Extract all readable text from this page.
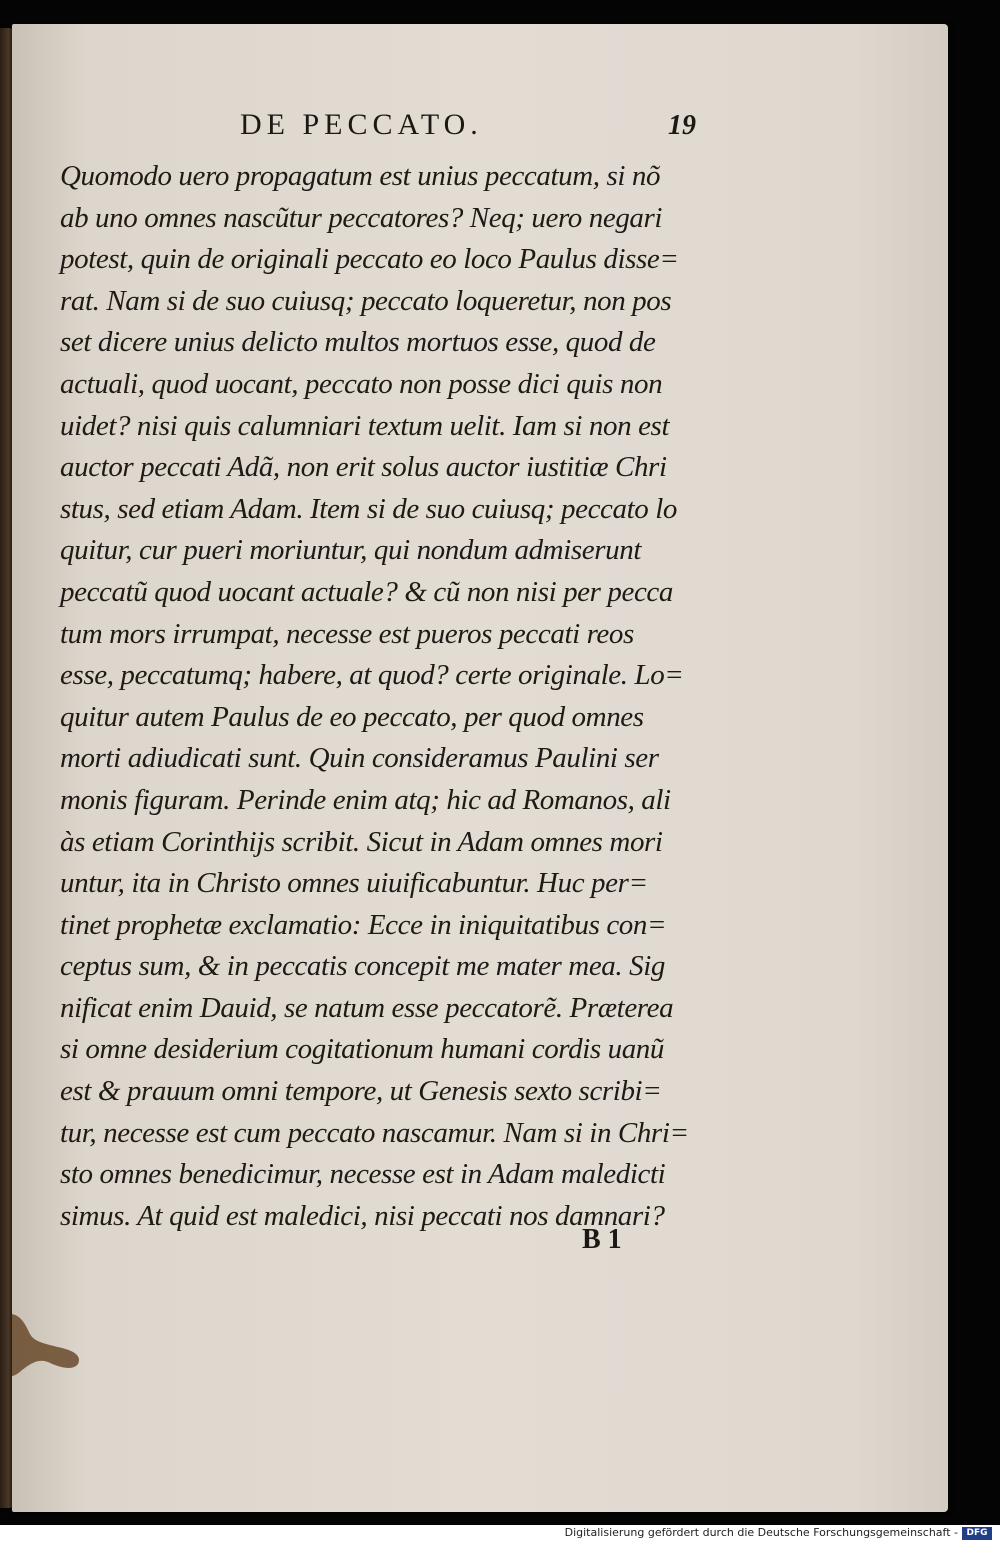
DE PECCATO.	19
Quomodo uero propagatum est unius peccatum, si nõ
ab uno omnes nascũtur peccatores? Neq; uero negari
potest, quin de originali peccato eo loco Paulus disse=
rat. Nam si de suo cuiusq; peccato loqueretur, non pos
set dicere unius delicto multos mortuos esse, quod de
actuali, quod uocant, peccato non posse dici quis non
uidet? nisi quis calumniari textum uelit. Iam si non est
auctor peccati Adã, non erit solus auctor iustitiæ Chri
stus, sed etiam Adam. Item si de suo cuiusq; peccato lo
quitur, cur pueri moriuntur, qui nondum admiserunt
peccatũ quod uocant actuale? & cũ non nisi per pecca
tum mors irrumpat, necesse est pueros peccati reos
esse, peccatumq; habere, at quod? certe originale. Lo=
quitur autem Paulus de eo peccato, per quod omnes
morti adiudicati sunt. Quin consideramus Paulini ser
monis figuram. Perinde enim atq; hic ad Romanos, ali
às etiam Corinthijs scribit. Sicut in Adam omnes mori
untur, ita in Christo omnes uiuificabuntur. Huc per=
tinet prophetæ exclamatio: Ecce in iniquitatibus con=
ceptus sum, & in peccatis concepit me mater mea. Sig
nificat enim Dauid, se natum esse peccatorẽ. Præterea
si omne desiderium cogitationum humani cordis uanũ
est & prauum omni tempore, ut Genesis sexto scribi=
tur, necesse est cum peccato nascamur. Nam si in Chri=
sto omnes benedicimur, necesse est in Adam maledicti
simus. At quid est maledici, nisi peccati nos damnari?
B 1
Digitalisierung gefördert durch die Deutsche Forschungsgemeinschaft - DFG
